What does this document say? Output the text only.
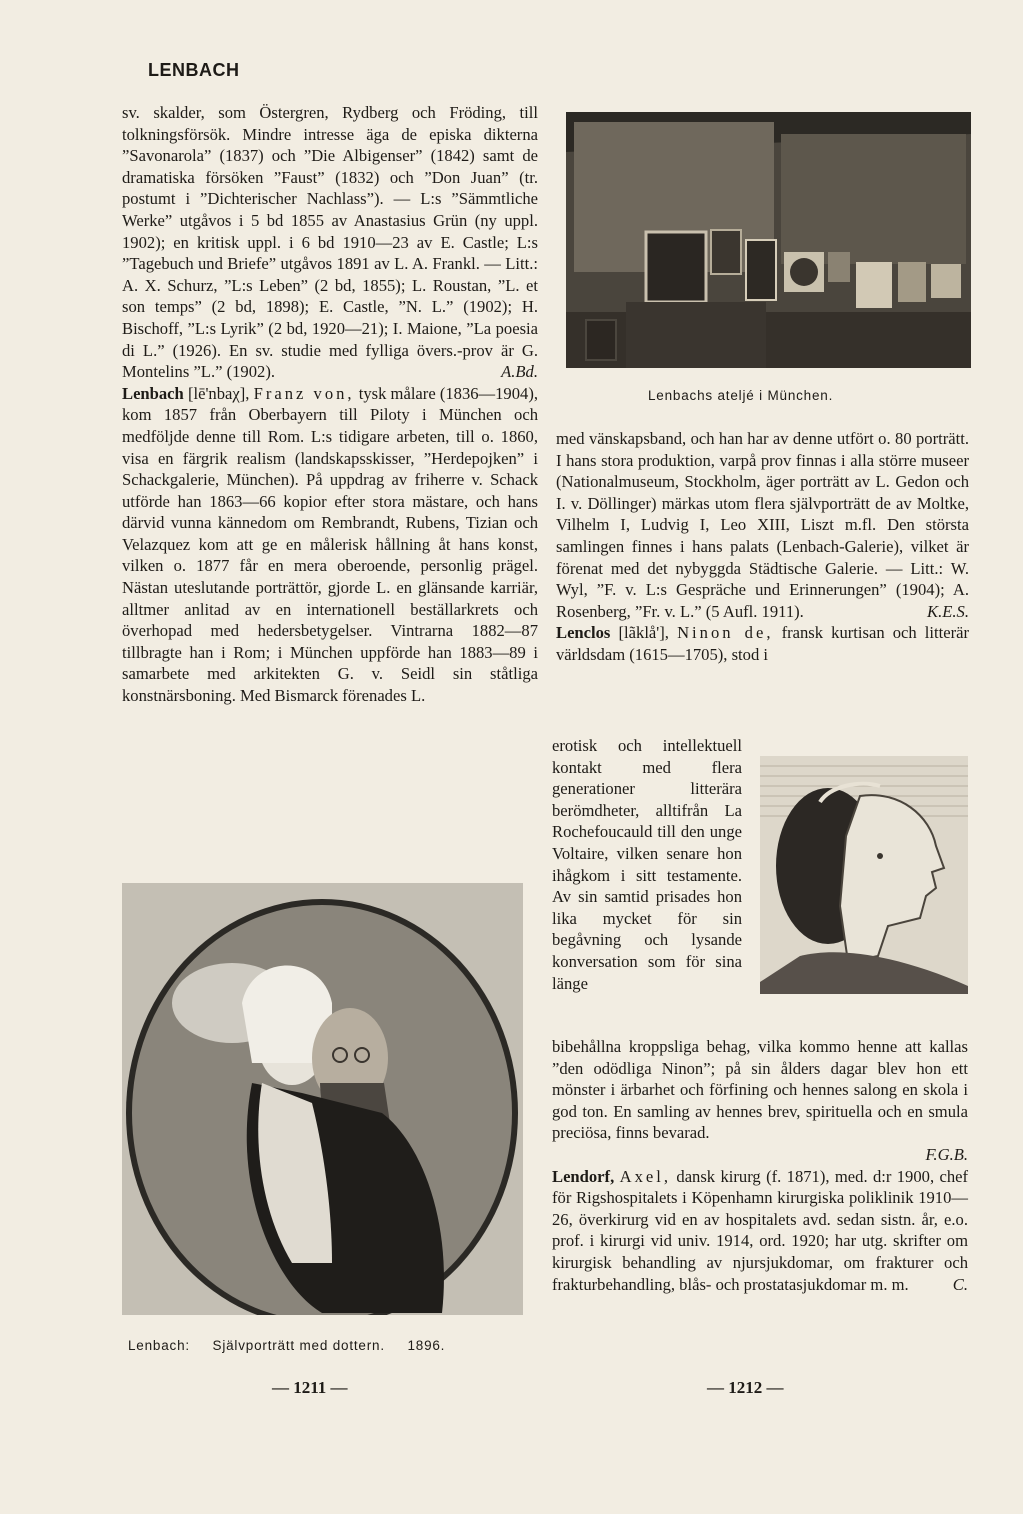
LENBACH

sv. skalder, som Östergren, Rydberg och Fröding, till tolkningsförsök. Mindre intresse äga de episka dikterna ”Savonarola” (1837) och ”Die Albigenser” (1842) samt de dramatiska försöken ”Faust” (1832) och ”Don Juan” (tr. postumt i ”Dichterischer Nachlass”). — L:s ”Sämmtliche Werke” utgåvos i 5 bd 1855 av Anastasius Grün (ny uppl. 1902); en kritisk uppl. i 6 bd 1910—23 av E. Castle; L:s ”Tagebuch und Briefe” utgåvos 1891 av L. A. Frankl. — Litt.: A. X. Schurz, ”L:s Leben” (2 bd, 1855); L. Roustan, ”L. et son temps” (2 bd, 1898); E. Castle, ”N. L.” (1902); H. Bischoff, ”L:s Lyrik” (2 bd, 1920—21); I. Maione, ”La poesia di L.” (1926). En sv. studie med fylliga övers.-prov är G. Montelins ”L.” (1902).	A.Bd.

Lenbach [lē'nbaχ], Franz von, tysk målare (1836—1904), kom 1857 från Oberbayern till Piloty i München och medföljde denne till Rom. L:s tidigare arbeten, till o. 1860, visa en färgrik realism (landskapsskisser, ”Herdepojken” i Schackgalerie, München). På uppdrag av friherre v. Schack utförde han 1863—66 kopior efter stora mästare, och hans därvid vunna kännedom om Rembrandt, Rubens, Tizian och Velazquez kom att ge en målerisk hållning åt hans konst, vilken o. 1877 får en mera oberoende, personlig prägel. Nästan uteslutande porträttör, gjorde L. en glänsande karriär, alltmer anlitad av en internationell beställarkrets och överhopad med hedersbetygelser. Vintrarna 1882—87 tillbragte han i Rom; i München uppförde han 1883—89 i samarbete med arkitekten G. v. Seidl sin ståtliga konstnärsboning. Med Bismarck förenades L.

Lenbachs ateljé i München.

med vänskapsband, och han har av denne utfört o. 80 porträtt. I hans stora produktion, varpå prov finnas i alla större museer (Nationalmuseum, Stockholm, äger porträtt av L. Gedon och I. v. Döllinger) märkas utom flera självporträtt de av Moltke, Vilhelm I, Ludvig I, Leo XIII, Liszt m.fl. Den största samlingen finnes i hans palats (Lenbach-Galerie), vilket är förenat med det nybyggda Städtische Galerie. — Litt.: W. Wyl, ”F. v. L:s Gespräche und Erinnerungen” (1904); A. Rosenberg, ”Fr. v. L.” (5 Aufl. 1911).	K.E.S.

Lenclos [lãklå'], Ninon de, fransk kurtisan och litterär världsdam (1615—1705), stod i

erotisk och intellektuell kontakt med flera generationer litterära berömdheter, alltifrån La Rochefoucauld till den unge Voltaire, vilken senare hon ihågkom i sitt testamente. Av sin samtid prisades hon lika mycket för sin begåvning och lysande konversation som för sina länge

bibehållna kroppsliga behag, vilka kommo henne att kallas ”den odödliga Ninon”; på sin ålders dagar blev hon ett mönster i ärbarhet och förfining och hennes salong en skola i god ton. En samling av hennes brev, spirituella och en smula preciösa, finns bevarad.

F.G.B.

Lendorf, Axel, dansk kirurg (f. 1871), med. d:r 1900, chef för Rigshospitalets i Köpenhamn kirurgiska poliklinik 1910—26, överkirurg vid en av hospitalets avd. sedan sistn. år, e.o. prof. i kirurgi vid univ. 1914, ord. 1920; har utg. skrifter om kirurgisk behandling av njursjukdomar, om frakturer och frakturbehandling, blås- och prostatasjukdomar m. m.	C.

Lenbach: Självporträtt med dottern. 1896.
— 1211 —	— 1212 —
